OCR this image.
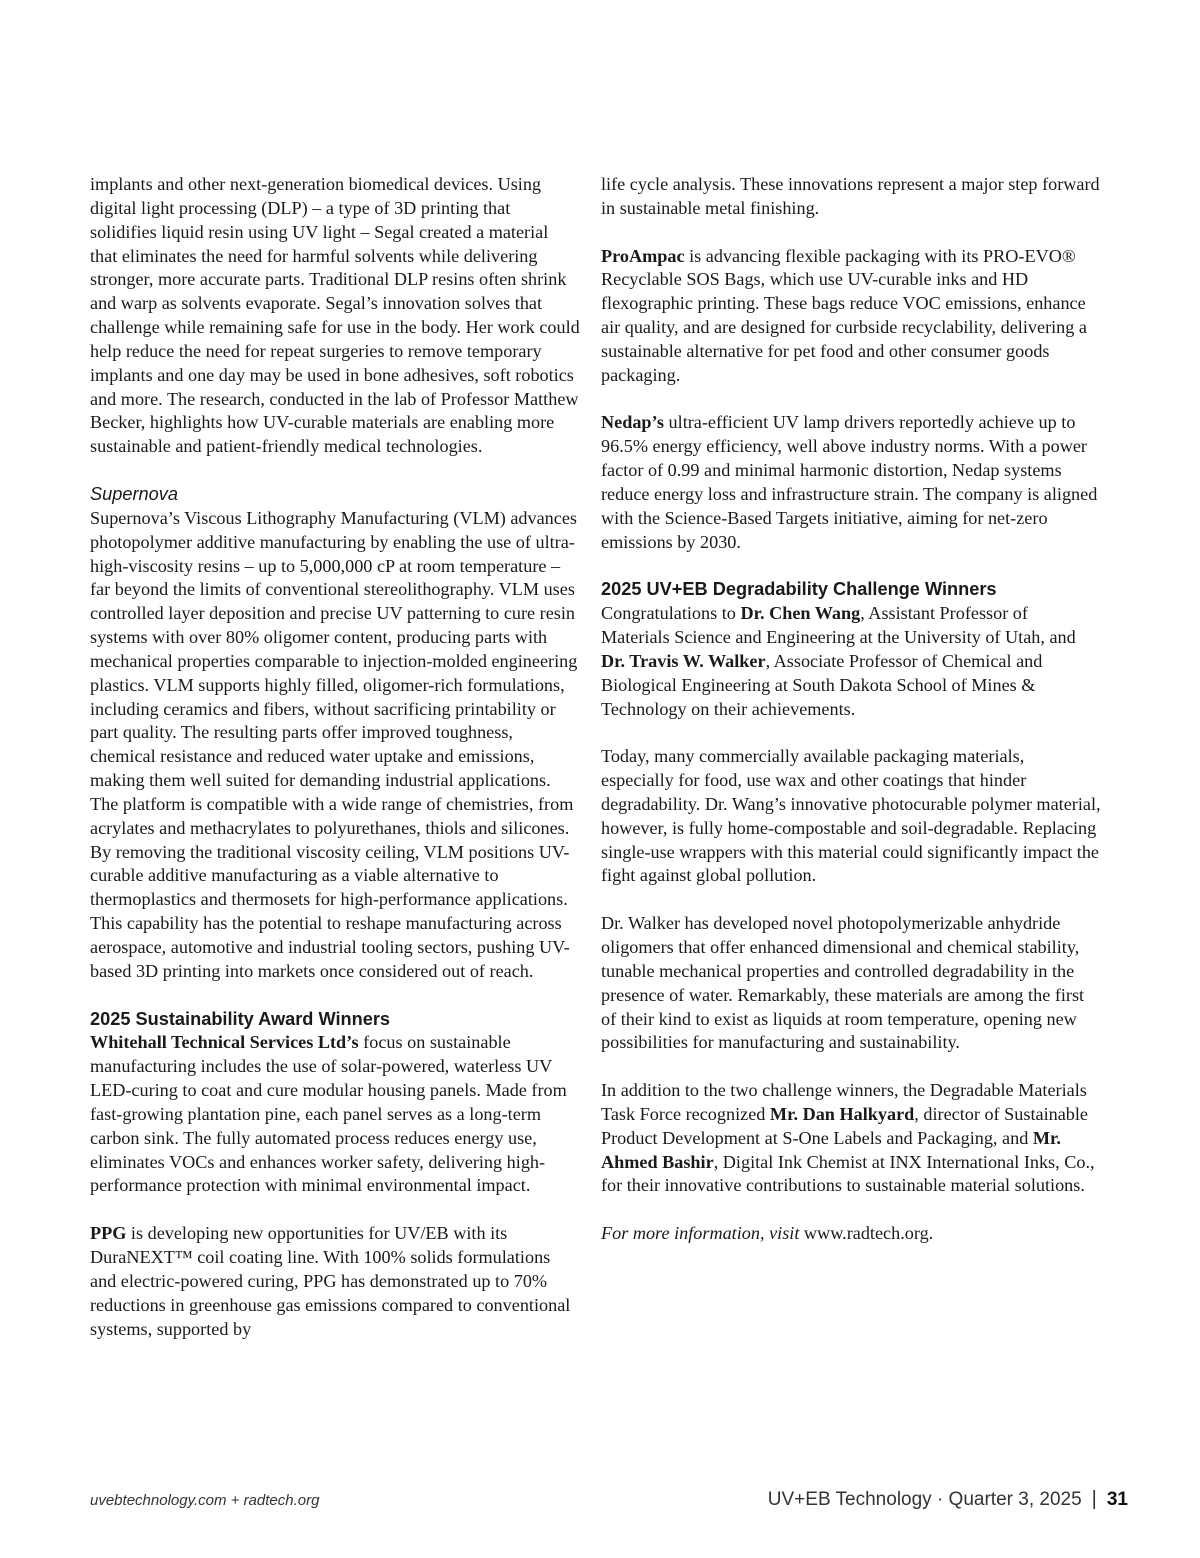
implants and other next-generation biomedical devices. Using digital light processing (DLP) – a type of 3D printing that solidifies liquid resin using UV light – Segal created a material that eliminates the need for harmful solvents while delivering stronger, more accurate parts. Traditional DLP resins often shrink and warp as solvents evaporate. Segal’s innovation solves that challenge while remaining safe for use in the body. Her work could help reduce the need for repeat surgeries to remove temporary implants and one day may be used in bone adhesives, soft robotics and more. The research, conducted in the lab of Professor Matthew Becker, highlights how UV-curable materials are enabling more sustainable and patient-friendly medical technologies.

Supernova

Supernova’s Viscous Lithography Manufacturing (VLM) advances photopolymer additive manufacturing by enabling the use of ultra-high-viscosity resins – up to 5,000,000 cP at room temperature – far beyond the limits of conventional stereolithography. VLM uses controlled layer deposition and precise UV patterning to cure resin systems with over 80% oligomer content, producing parts with mechanical properties comparable to injection-molded engineering plastics. VLM supports highly filled, oligomer-rich formulations, including ceramics and fibers, without sacrificing printability or part quality. The resulting parts offer improved toughness, chemical resistance and reduced water uptake and emissions, making them well suited for demanding industrial applications. The platform is compatible with a wide range of chemistries, from acrylates and methacrylates to polyurethanes, thiols and silicones. By removing the traditional viscosity ceiling, VLM positions UV-curable additive manufacturing as a viable alternative to thermoplastics and thermosets for high-performance applications. This capability has the potential to reshape manufacturing across aerospace, automotive and industrial tooling sectors, pushing UV-based 3D printing into markets once considered out of reach.

2025 Sustainability Award Winners

Whitehall Technical Services Ltd’s focus on sustainable manufacturing includes the use of solar-powered, waterless UV LED-curing to coat and cure modular housing panels. Made from fast-growing plantation pine, each panel serves as a long-term carbon sink. The fully automated process reduces energy use, eliminates VOCs and enhances worker safety, delivering high-performance protection with minimal environmental impact.

PPG is developing new opportunities for UV/EB with its DuraNEXT™ coil coating line. With 100% solids formulations and electric-powered curing, PPG has demonstrated up to 70% reductions in greenhouse gas emissions compared to conventional systems, supported by

life cycle analysis. These innovations represent a major step forward in sustainable metal finishing.

ProAmpac is advancing flexible packaging with its PRO-EVO® Recyclable SOS Bags, which use UV-curable inks and HD flexographic printing. These bags reduce VOC emissions, enhance air quality, and are designed for curbside recyclability, delivering a sustainable alternative for pet food and other consumer goods packaging.

Nedap’s ultra-efficient UV lamp drivers reportedly achieve up to 96.5% energy efficiency, well above industry norms. With a power factor of 0.99 and minimal harmonic distortion, Nedap systems reduce energy loss and infrastructure strain. The company is aligned with the Science-Based Targets initiative, aiming for net-zero emissions by 2030.

2025 UV+EB Degradability Challenge Winners

Congratulations to Dr. Chen Wang, Assistant Professor of Materials Science and Engineering at the University of Utah, and Dr. Travis W. Walker, Associate Professor of Chemical and Biological Engineering at South Dakota School of Mines & Technology on their achievements.

Today, many commercially available packaging materials, especially for food, use wax and other coatings that hinder degradability. Dr. Wang’s innovative photocurable polymer material, however, is fully home-compostable and soil-degradable. Replacing single-use wrappers with this material could significantly impact the fight against global pollution.

Dr. Walker has developed novel photopolymerizable anhydride oligomers that offer enhanced dimensional and chemical stability, tunable mechanical properties and controlled degradability in the presence of water. Remarkably, these materials are among the first of their kind to exist as liquids at room temperature, opening new possibilities for manufacturing and sustainability.

In addition to the two challenge winners, the Degradable Materials Task Force recognized Mr. Dan Halkyard, director of Sustainable Product Development at S-One Labels and Packaging, and Mr. Ahmed Bashir, Digital Ink Chemist at INX International Inks, Co., for their innovative contributions to sustainable material solutions.

For more information, visit www.radtech.org.

uvebtechnology.com + radtech.org	UV+EB Technology · Quarter 3, 2025 | 31
